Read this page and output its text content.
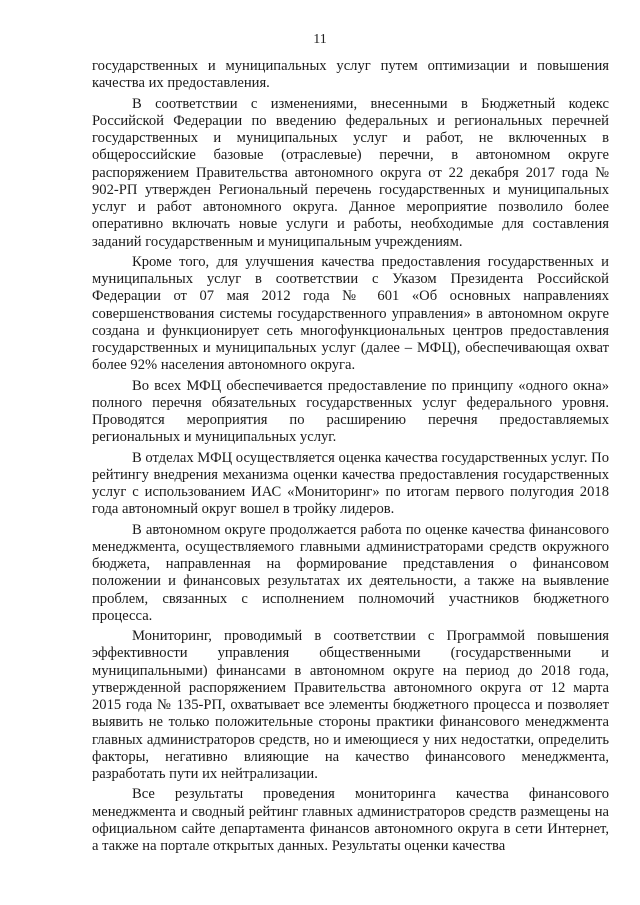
11

государственных и муниципальных услуг путем оптимизации и повышения качества их предоставления.

В соответствии с изменениями, внесенными в Бюджетный кодекс Российской Федерации по введению федеральных и региональных перечней государственных и муниципальных услуг и работ, не включенных в общероссийские базовые (отраслевые) перечни, в автономном округе распоряжением Правительства автономного округа от 22 декабря 2017 года № 902-РП утвержден Региональный перечень государственных и муниципальных услуг и работ автономного округа. Данное мероприятие позволило более оперативно включать новые услуги и работы, необходимые для составления заданий государственным и муниципальным учреждениям.

Кроме того, для улучшения качества предоставления государственных и муниципальных услуг в соответствии с Указом Президента Российской Федерации от 07 мая 2012 года № 601 «Об основных направлениях совершенствования системы государственного управления» в автономном округе создана и функционирует сеть многофункциональных центров предоставления государственных и муниципальных услуг (далее – МФЦ), обеспечивающая охват более 92% населения автономного округа.

Во всех МФЦ обеспечивается предоставление по принципу «одного окна» полного перечня обязательных государственных услуг федерального уровня. Проводятся мероприятия по расширению перечня предоставляемых региональных и муниципальных услуг.

В отделах МФЦ осуществляется оценка качества государственных услуг. По рейтингу внедрения механизма оценки качества предоставления государственных услуг с использованием ИАС «Мониторинг» по итогам первого полугодия 2018 года автономный округ вошел в тройку лидеров.

В автономном округе продолжается работа по оценке качества финансового менеджмента, осуществляемого главными администраторами средств окружного бюджета, направленная на формирование представления о финансовом положении и финансовых результатах их деятельности, а также на выявление проблем, связанных с исполнением полномочий участников бюджетного процесса.

Мониторинг, проводимый в соответствии с Программой повышения эффективности управления общественными (государственными и муниципальными) финансами в автономном округе на период до 2018 года, утвержденной распоряжением Правительства автономного округа от 12 марта 2015 года № 135-РП, охватывает все элементы бюджетного процесса и позволяет выявить не только положительные стороны практики финансового менеджмента главных администраторов средств, но и имеющиеся у них недостатки, определить факторы, негативно влияющие на качество финансового менеджмента, разработать пути их нейтрализации.

Все результаты проведения мониторинга качества финансового менеджмента и сводный рейтинг главных администраторов средств размещены на официальном сайте департамента финансов автономного округа в сети Интернет, а также на портале открытых данных. Результаты оценки качества
